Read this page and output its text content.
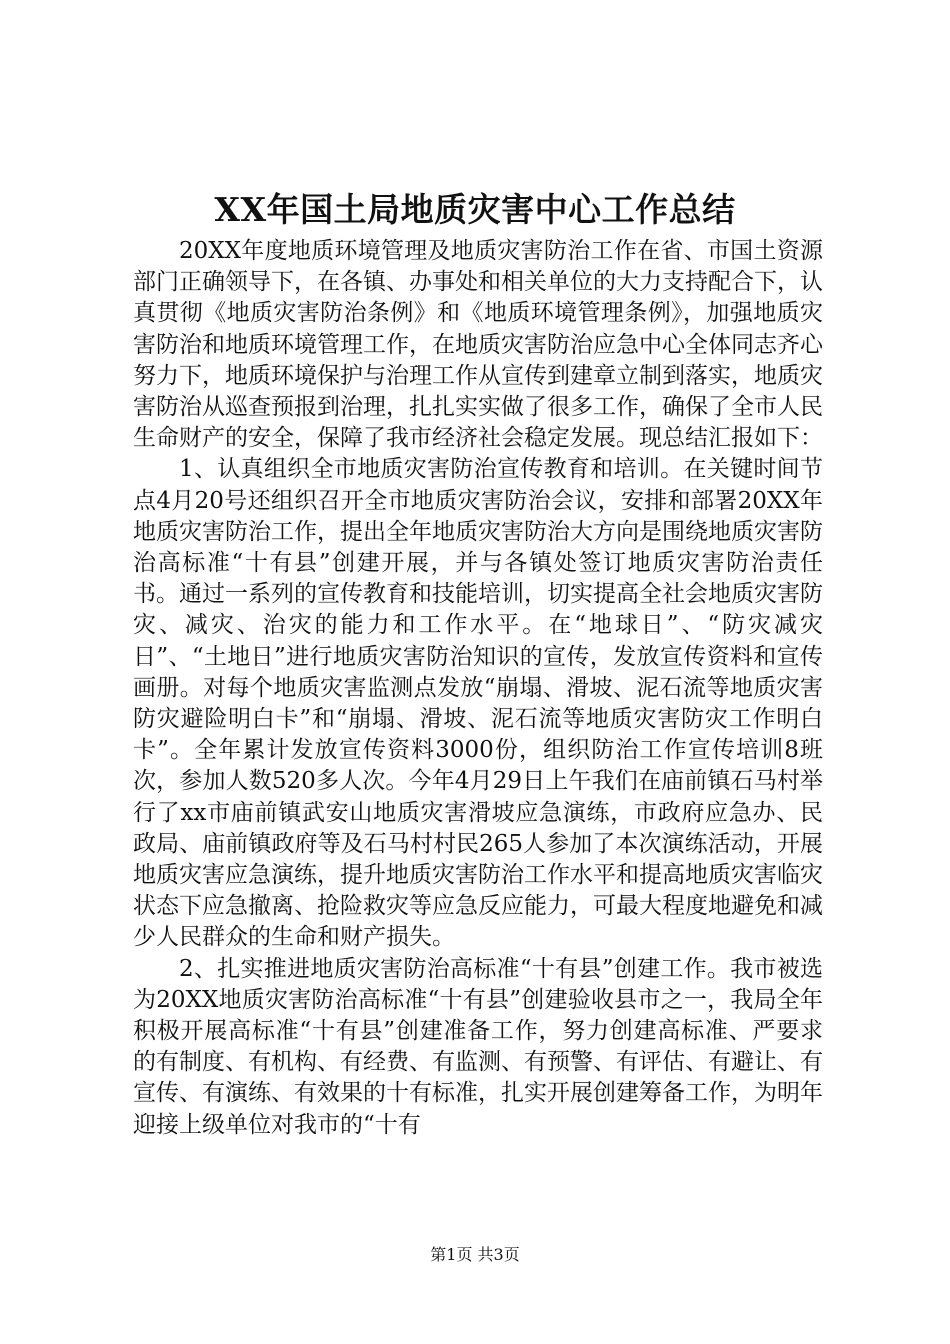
XX年国土局地质灾害中心工作总结

20XX年度地质环境管理及地质灾害防治工作在省、市国土资源部门正确领导下，在各镇、办事处和相关单位的大力支持配合下，认真贯彻《地质灾害防治条例》和《地质环境管理条例》，加强地质灾害防治和地质环境管理工作，在地质灾害防治应急中心全体同志齐心努力下，地质环境保护与治理工作从宣传到建章立制到落实，地质灾害防治从巡查预报到治理，扎扎实实做了很多工作，确保了全市人民生命财产的安全，保障了我市经济社会稳定发展。现总结汇报如下：

1、认真组织全市地质灾害防治宣传教育和培训。在关键时间节点4月20号还组织召开全市地质灾害防治会议，安排和部署20XX年地质灾害防治工作，提出全年地质灾害防治大方向是围绕地质灾害防治高标准“十有县”创建开展，并与各镇处签订地质灾害防治责任书。通过一系列的宣传教育和技能培训，切实提高全社会地质灾害防灾、减灾、治灾的能力和工作水平。在“地球日”、“防灾减灾日”、“土地日”进行地质灾害防治知识的宣传，发放宣传资料和宣传画册。对每个地质灾害监测点发放“崩塌、滑坡、泥石流等地质灾害防灾避险明白卡”和“崩塌、滑坡、泥石流等地质灾害防灾工作明白卡”。全年累计发放宣传资料3000份，组织防治工作宣传培训8班次，参加人数520多人次。今年4月29日上午我们在庙前镇石马村举行了xx市庙前镇武安山地质灾害滑坡应急演练，市政府应急办、民政局、庙前镇政府等及石马村村民265人参加了本次演练活动，开展地质灾害应急演练，提升地质灾害防治工作水平和提高地质灾害临灾状态下应急撤离、抢险救灾等应急反应能力，可最大程度地避免和减少人民群众的生命和财产损失。

2、扎实推进地质灾害防治高标准“十有县”创建工作。我市被选为20XX地质灾害防治高标准“十有县”创建验收县市之一，我局全年积极开展高标准“十有县”创建准备工作，努力创建高标准、严要求的有制度、有机构、有经费、有监测、有预警、有评估、有避让、有宣传、有演练、有效果的十有标准，扎实开展创建筹备工作，为明年迎接上级单位对我市的“十有

第1页 共3页
